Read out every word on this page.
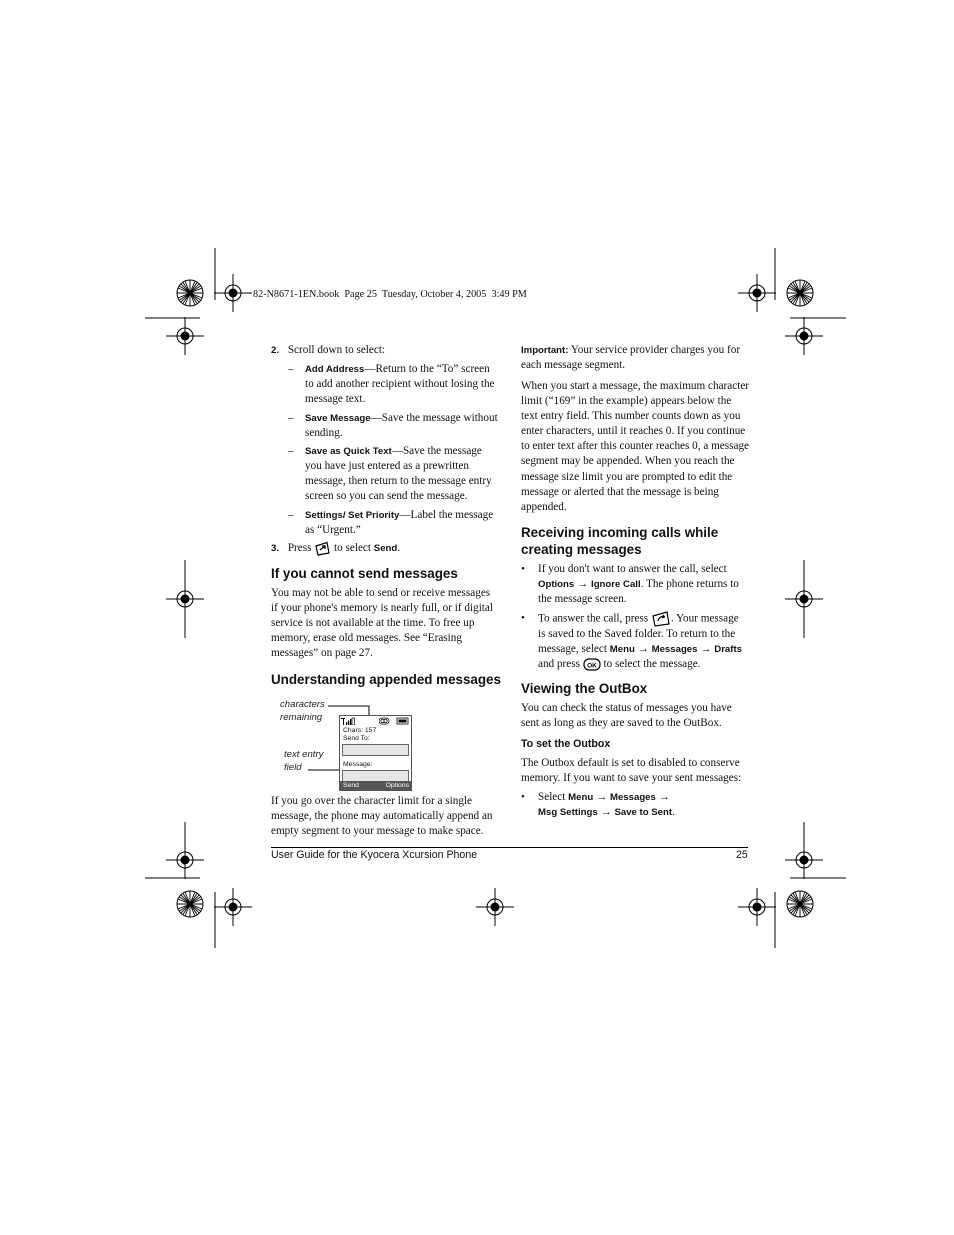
82-N8671-1EN.book  Page 25  Tuesday, October 4, 2005  3:49 PM
2. Scroll down to select:
– Add Address—Return to the “To” screen to add another recipient without losing the message text.
– Save Message—Save the message without sending.
– Save as Quick Text—Save the message you have just entered as a prewritten message, then return to the message entry screen so you can send the message.
– Settings/ Set Priority—Label the message as “Urgent.”
3. Press to select Send.
If you cannot send messages
You may not be able to send or receive messages if your phone's memory is nearly full, or if digital service is not available at the time. To free up memory, erase old messages. See “Erasing messages” on page 27.
Understanding appended messages
characters
remaining
text entry
field
Chars: 157
Send To:
Message:
Send	Options
If you go over the character limit for a single message, the phone may automatically append an empty segment to your message to make space.
Important: Your service provider charges you for each message segment.
When you start a message, the maximum character limit (“169” in the example) appears below the text entry field. This number counts down as you enter characters, until it reaches 0. If you continue to enter text after this counter reaches 0, a message segment may be appended. When you reach the message size limit you are prompted to edit the message or alerted that the message is being appended.
Receiving incoming calls while
creating messages
• If you don't want to answer the call, select Options → Ignore Call. The phone returns to the message screen.
• To answer the call, press . Your message is saved to the Saved folder. To return to the message, select Menu → Messages → Drafts and press OK to select the message.
Viewing the OutBox
You can check the status of messages you have sent as long as they are saved to the OutBox.
To set the Outbox
The Outbox default is set to disabled to conserve memory. If you want to save your sent messages:
• Select Menu → Messages →
Msg Settings → Save to Sent.
User Guide for the Kyocera Xcursion Phone	25
